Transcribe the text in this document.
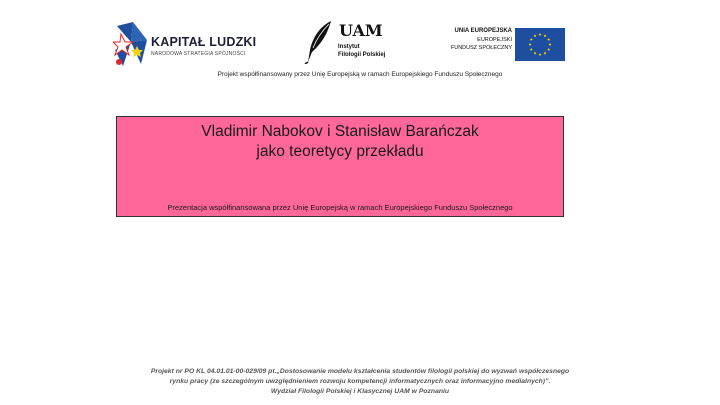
KAPITAŁ LUDZKI
NARODOWA STRATEGIA SPÓJNOŚCI
UAM
Instytut
Filologii Polskiej
UNIA EUROPEJSKA
EUROPEJSKI
FUNDUSZ SPOŁECZNY
Projekt współfinansowany przez Unię Europejską w ramach Europejskiego Funduszu Społecznego
Vladimir Nabokov i Stanisław Barańczak
jako teoretycy przekładu
Prezentacja współfinansowana przez Unię Europejską w ramach Europejskiego Funduszu Społecznego
Projekt nr PO KL 04.01.01-00-029/09 pt.„Dostosowanie modelu kształcenia studentów filologii polskiej do wyzwań współczesnego
rynku pracy (ze szczególnym uwzględnieniem rozwoju kompetencji informatycznych oraz informacyjno medialnych)”.
Wydział Filologii Polskiej i Klasycznej UAM w Poznaniu
